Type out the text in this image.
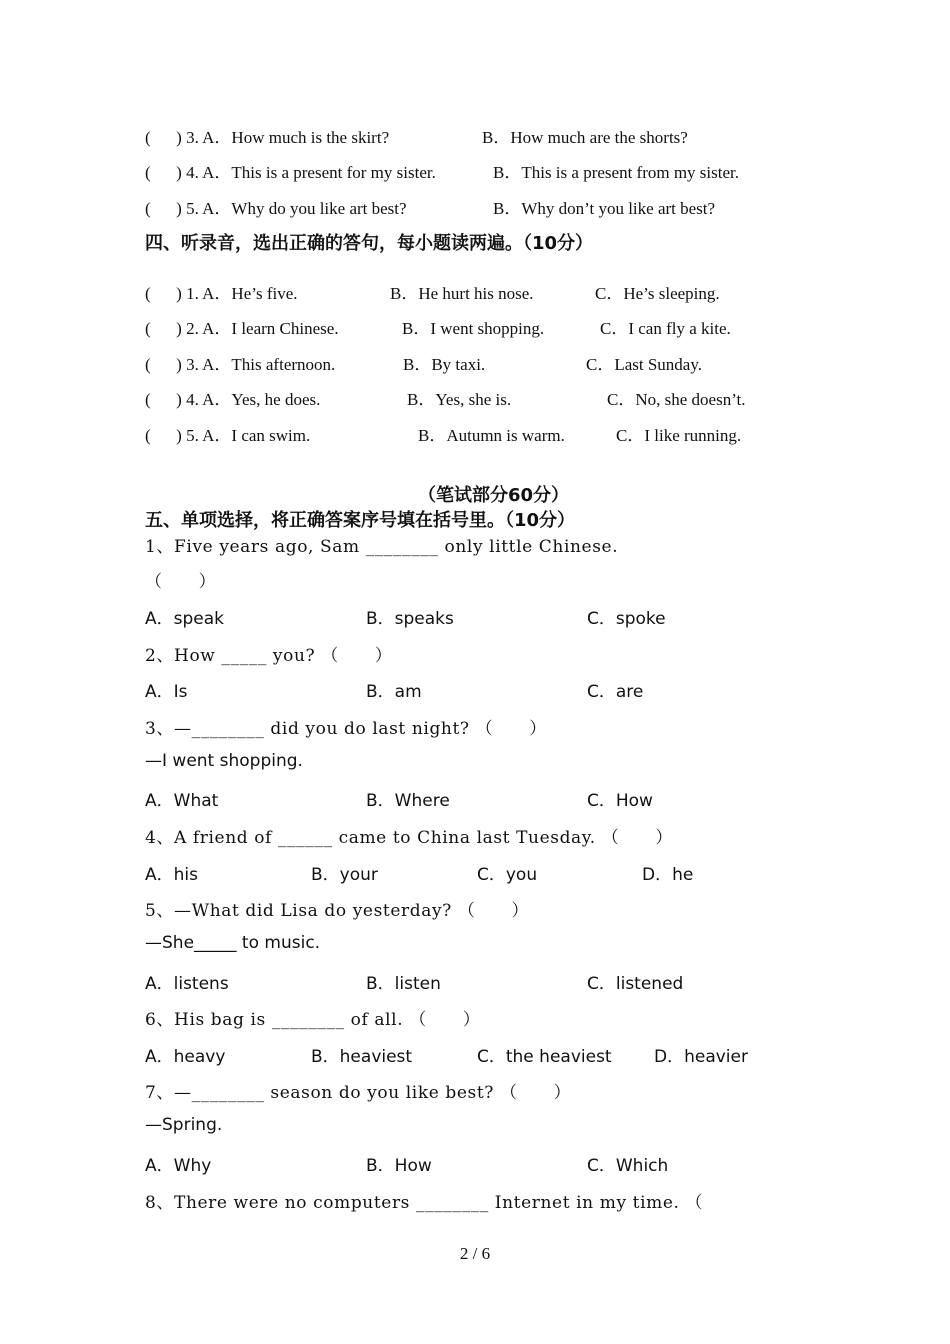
(      ) 3. A．How much is the skirt?	B．How much are the shorts?
(      ) 4. A．This is a present for my sister.	B．This is a present from my sister.
(      ) 5. A．Why do you like art best?	B．Why don’t you like art best?
四、听录音，选出正确的答句，每小题读两遍。（10分）
(      ) 1. A．He’s five.	B．He hurt his nose.	C．He’s sleeping.
(      ) 2. A．I learn Chinese.	B．I went shopping.	C．I can fly a kite.
(      ) 3. A．This afternoon.	B．By taxi.	C．Last Sunday.
(      ) 4. A．Yes, he does.	B．Yes, she is.	C．No, she doesn’t.
(      ) 5. A．I can swim.	B．Autumn is warm.	C．I like running.
（笔试部分60分）
五、单项选择，将正确答案序号填在括号里。（10分）
1、Five years ago, Sam ________ only little Chinese.
（      ）
A．speak	B．speaks	C．spoke
2、How _____ you? （      ）
A．Is	B．am	C．are
3、—________ did you do last night? （      ）
—I went shopping.
A．What	B．Where	C．How
4、A friend of ______ came to China last Tuesday. （      ）
A．his	B．your	C．you	D．he
5、—What did Lisa do yesterday? （      ）
—She_____ to music.
A．listens	B．listen	C．listened
6、His bag is ________ of all. （      ）
A．heavy	B．heaviest	C．the heaviest D．heavier
7、—________ season do you like best? （      ）
—Spring.
A．Why	B．How	C．Which
8、There were no computers ________ Internet in my time. （
2 / 6
